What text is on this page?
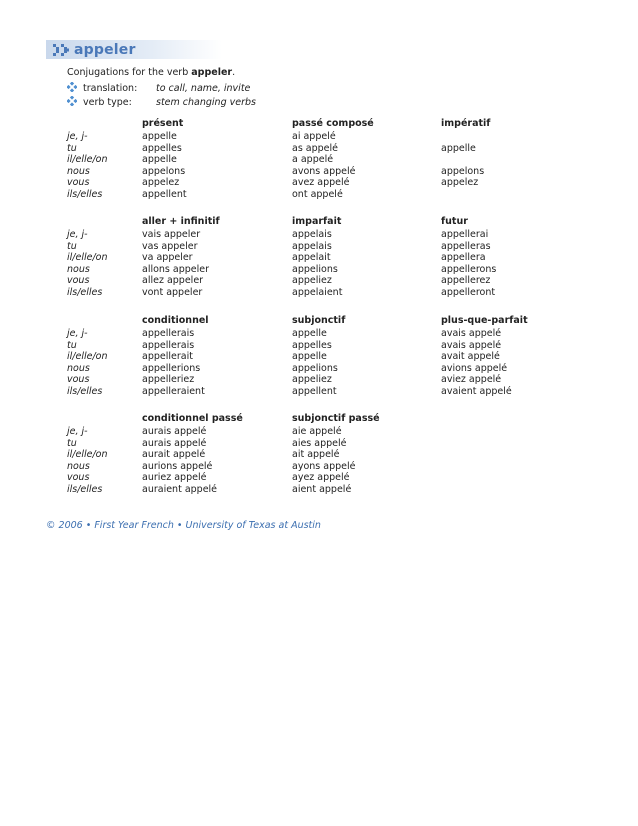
appeler
Conjugations for the verb appeler.
translation:	to call, name, invite
verb type:	stem changing verbs
présent	passé composé	impératif
je, j-	appelle	ai appelé
tu	appelles	as appelé	appelle
il/elle/on	appelle	a appelé
nous	appelons	avons appelé	appelons
vous	appelez	avez appelé	appelez
ils/elles	appellent	ont appelé
aller + infinitif	imparfait	futur
je, j-	vais appeler	appelais	appellerai
tu	vas appeler	appelais	appelleras
il/elle/on	va appeler	appelait	appellera
nous	allons appeler	appelions	appellerons
vous	allez appeler	appeliez	appellerez
ils/elles	vont appeler	appelaient	appelleront
conditionnel	subjonctif	plus-que-parfait
je, j-	appellerais	appelle	avais appelé
tu	appellerais	appelles	avais appelé
il/elle/on	appellerait	appelle	avait appelé
nous	appellerions	appelions	avions appelé
vous	appelleriez	appeliez	aviez appelé
ils/elles	appelleraient	appellent	avaient appelé
conditionnel passé	subjonctif passé
je, j-	aurais appelé	aie appelé
tu	aurais appelé	aies appelé
il/elle/on	aurait appelé	ait appelé
nous	aurions appelé	ayons appelé
vous	auriez appelé	ayez appelé
ils/elles	auraient appelé	aient appelé
© 2006 • First Year French • University of Texas at Austin
